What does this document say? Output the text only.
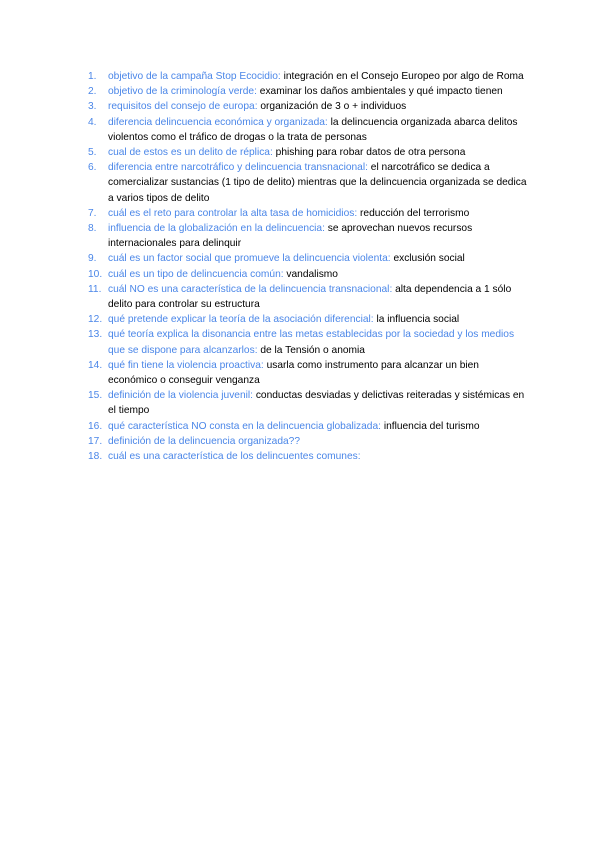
1.	objetivo de la campaña Stop Ecocidio: integración en el Consejo Europeo por algo de Roma
2.	objetivo de la criminología verde: examinar los daños ambientales y qué impacto tienen
3.	requisitos del consejo de europa: organización de 3 o + individuos
4.	diferencia delincuencia económica y organizada: la delincuencia organizada abarca delitos violentos como el tráfico de drogas o la trata de personas
5.	cual de estos es un delito de réplica: phishing para robar datos de otra persona
6.	diferencia entre narcotráfico y delincuencia transnacional: el narcotráfico se dedica a comercializar sustancias (1 tipo de delito) mientras que la delincuencia organizada se dedica a varios tipos de delito
7.	cuál es el reto para controlar la alta tasa de homicidios: reducción del terrorismo
8.	influencia de la globalización en la delincuencia: se aprovechan nuevos recursos internacionales para delinquir
9.	cuál es un factor social que promueve la delincuencia violenta: exclusión social
10. cuál es un tipo de delincuencia común: vandalismo
11. cuál NO es una característica de la delincuencia transnacional: alta dependencia a 1 sólo delito para controlar su estructura
12. qué pretende explicar la teoría de la asociación diferencial: la influencia social
13. qué teoría explica la disonancia entre las metas establecidas por la sociedad y los medios que se dispone para alcanzarlos: de la Tensión o anomia
14. qué fin tiene la violencia proactiva: usarla como instrumento para alcanzar un bien económico o conseguir venganza
15. definición de la violencia juvenil: conductas desviadas y delictivas reiteradas y sistémicas en el tiempo
16. qué característica NO consta en la delincuencia globalizada: influencia del turismo
17. definición de la delincuencia organizada??
18. cuál es una característica de los delincuentes comunes:
